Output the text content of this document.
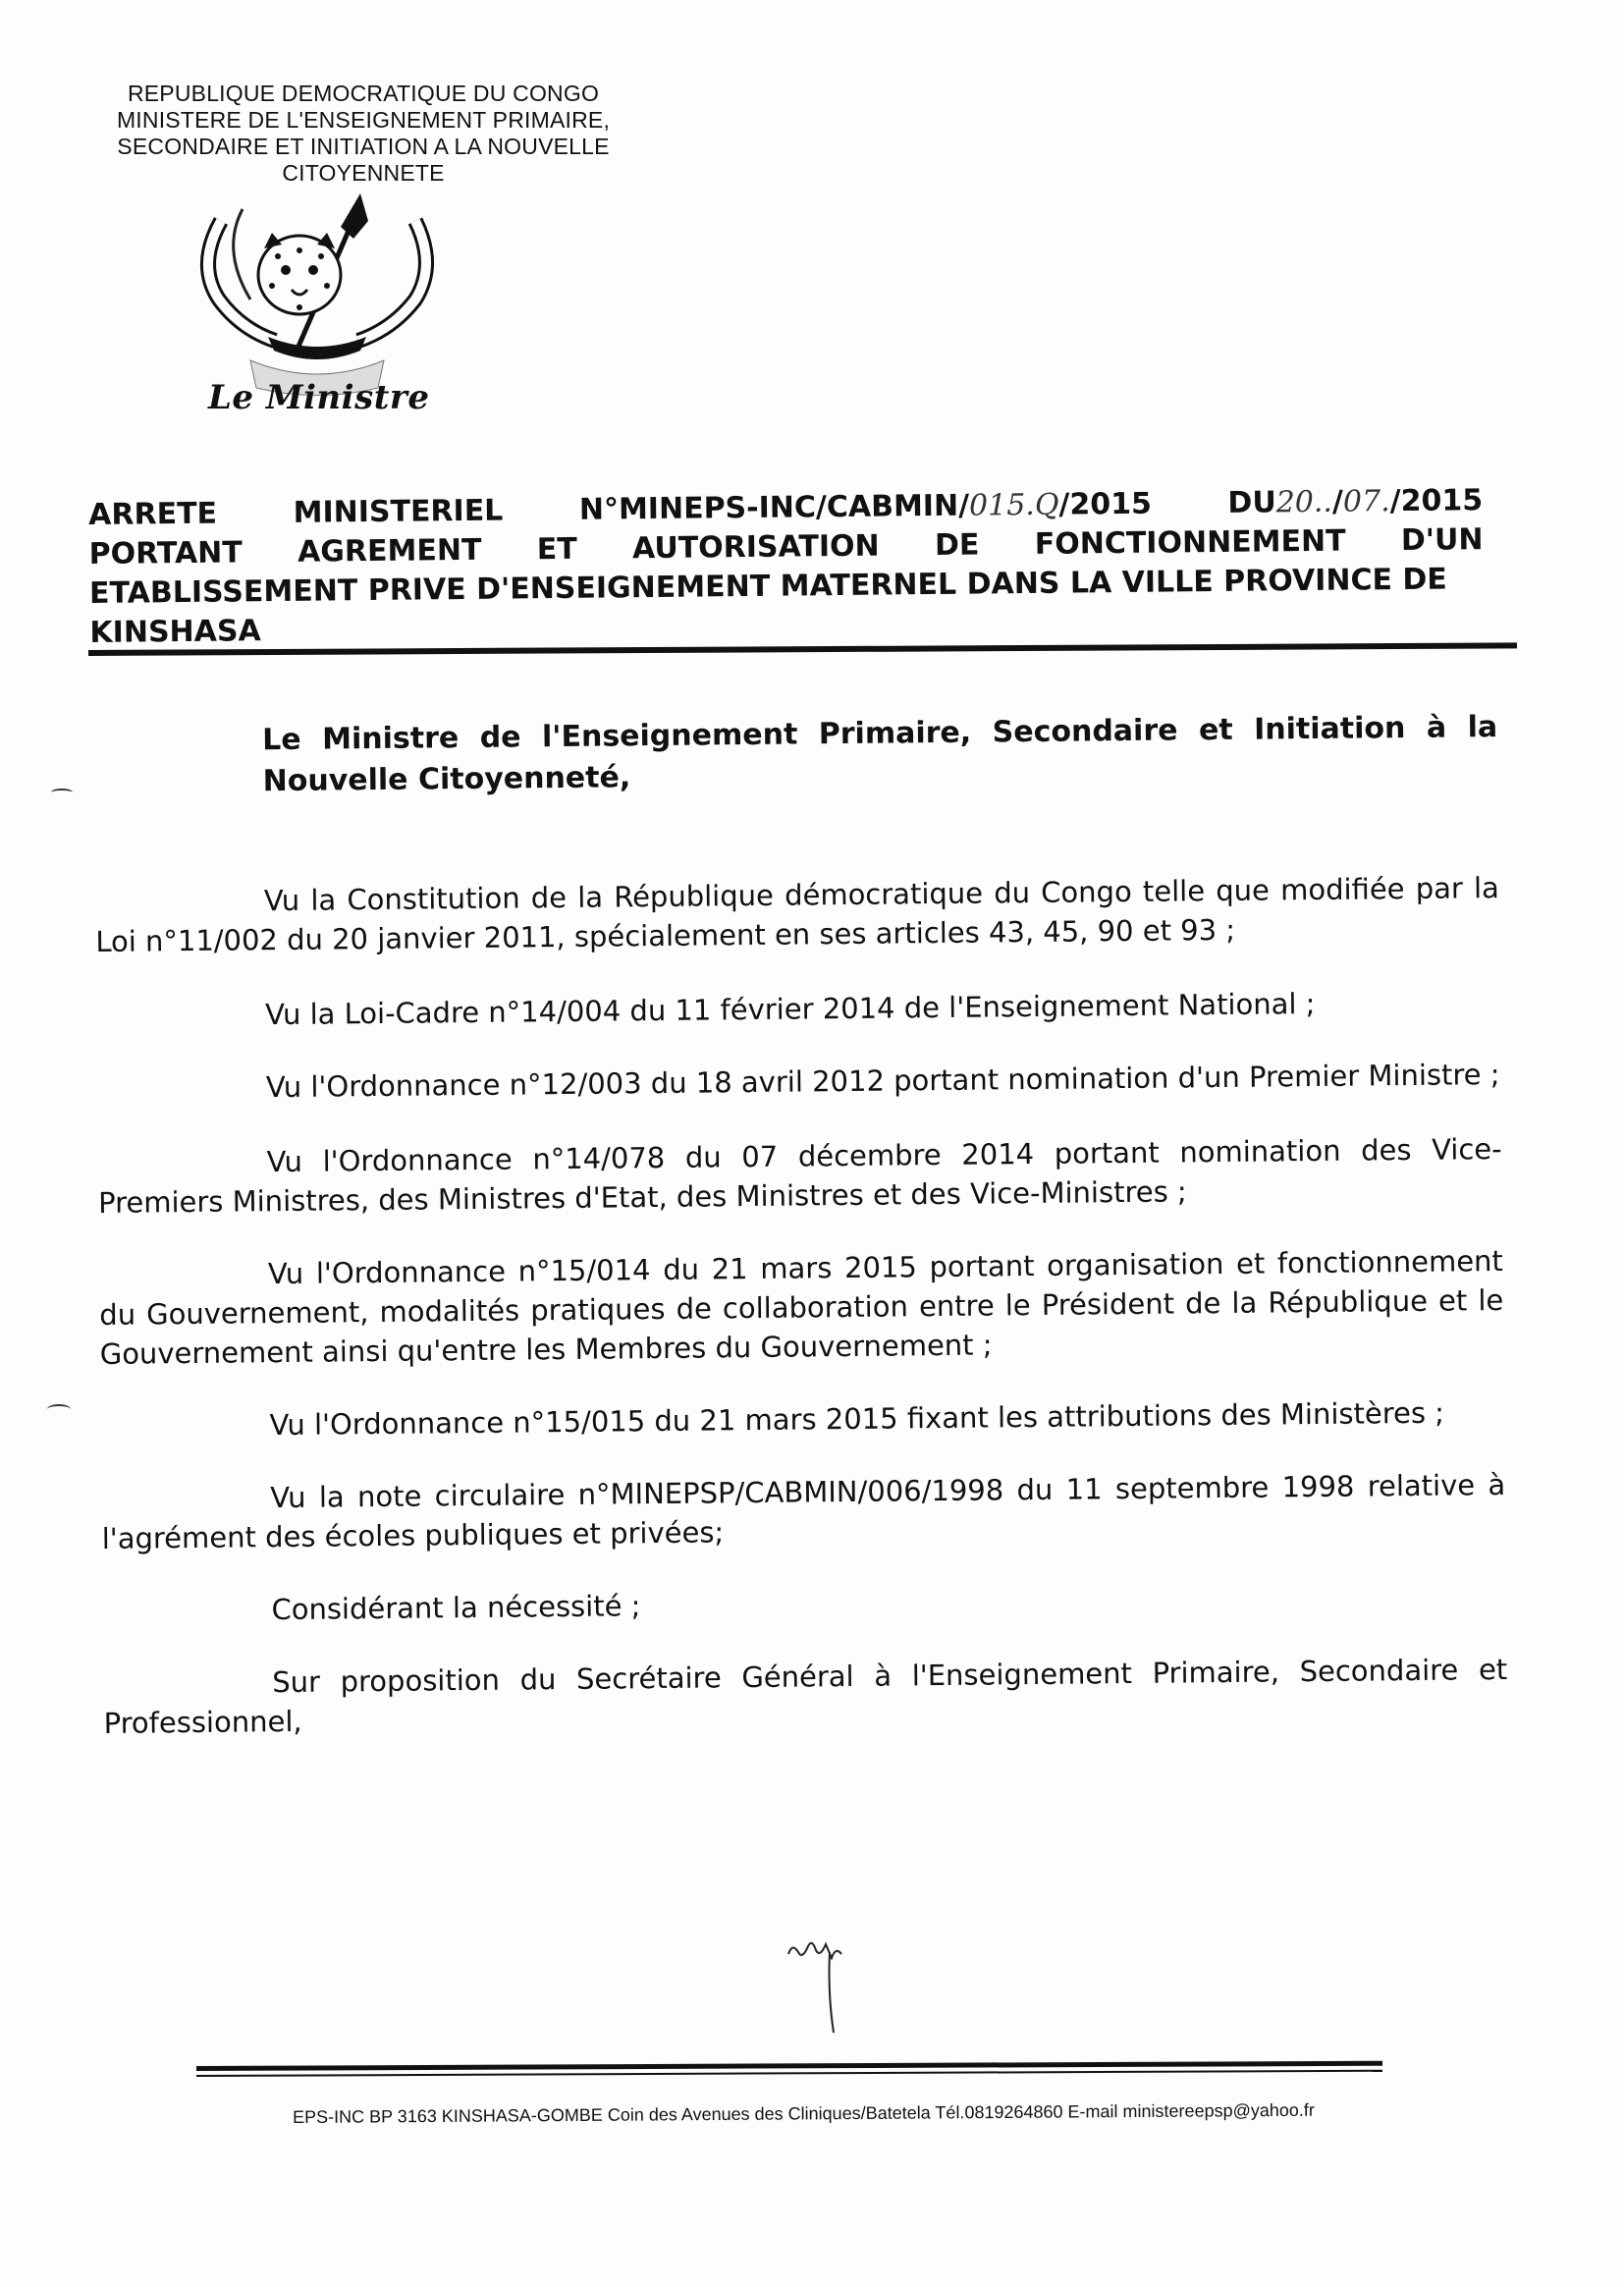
REPUBLIQUE DEMOCRATIQUE DU CONGO
MINISTERE DE L'ENSEIGNEMENT PRIMAIRE,
SECONDAIRE ET INITIATION A LA NOUVELLE
CITOYENNETE
Le Ministre
ARRETE	MINISTERIEL	N°MINEPS-INC/CABMIN/015.Q/2015	DU20../07./2015
PORTANT AGREMENT ET AUTORISATION DE FONCTIONNEMENT D'UN
ETABLISSEMENT PRIVE D'ENSEIGNEMENT MATERNEL DANS LA VILLE PROVINCE DE
KINSHASA
Le Ministre de l'Enseignement Primaire, Secondaire et Initiation à la Nouvelle Citoyenneté,

Vu la Constitution de la République démocratique du Congo telle que modifiée par la Loi n°11/002 du 20 janvier 2011, spécialement en ses articles 43, 45, 90 et 93 ;

Vu la Loi-Cadre n°14/004 du 11 février 2014 de l'Enseignement National ;

Vu l'Ordonnance n°12/003 du 18 avril 2012 portant nomination d'un Premier Ministre ;

Vu l'Ordonnance n°14/078 du 07 décembre 2014 portant nomination des Vice-Premiers Ministres, des Ministres d'Etat, des Ministres et des Vice-Ministres ;

Vu l'Ordonnance n°15/014 du 21 mars 2015 portant organisation et fonctionnement du Gouvernement, modalités pratiques de collaboration entre le Président de la République et le Gouvernement ainsi qu'entre les Membres du Gouvernement ;

Vu l'Ordonnance n°15/015 du 21 mars 2015 fixant les attributions des Ministères ;

Vu la note circulaire n°MINEPSP/CABMIN/006/1998 du 11 septembre 1998 relative à l'agrément des écoles publiques et privées;

Considérant la nécessité ;

Sur proposition du Secrétaire Général à l'Enseignement Primaire, Secondaire et Professionnel,

EPS-INC BP 3163 KINSHASA-GOMBE Coin des Avenues des Cliniques/Batetela Tél.0819264860 E-mail ministereepsp@yahoo.fr
